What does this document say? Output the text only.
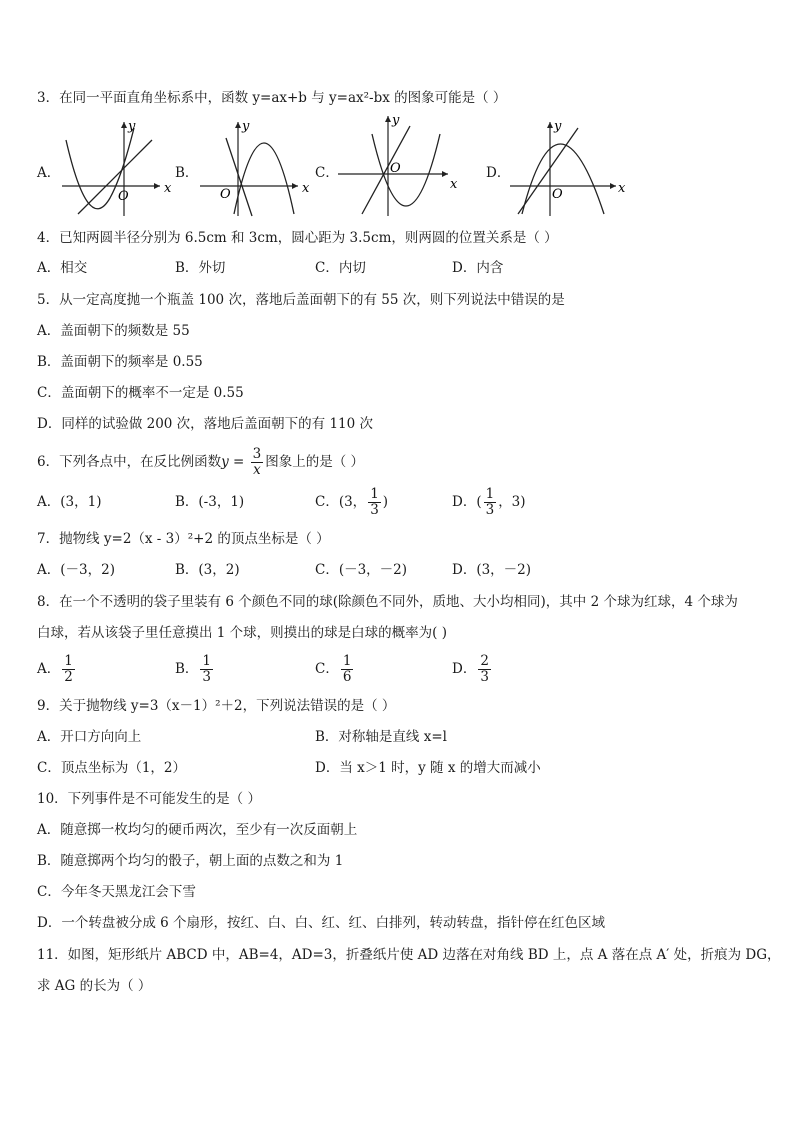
3．在同一平面直角坐标系中，函数 y=ax+b 与 y=ax²-bx 的图象可能是（ ）
A．
x
y
O
B．
x
y
O
C．
x
y
O	D．
x
y
O
4．已知两圆半径分别为 6.5cm 和 3cm，圆心距为 3.5cm，则两圆的位置关系是（ ）
A．相交	B．外切	C．内切	D．内含
5．从一定高度抛一个瓶盖 100 次，落地后盖面朝下的有 55 次，则下列说法中错误的是
A．盖面朝下的频数是 55
B．盖面朝下的频率是 0.55
C．盖面朝下的概率不一定是 0.55
D．同样的试验做 200 次，落地后盖面朝下的有 110 次
6．下列各点中，在反比例函数$y = \frac{3}{x}$ 图象上的是（ ）
A．(3，1)	B．(-3，1)	C．(3， $\frac{1}{3}$ )	D．( $\frac{1}{3}$ ，3)
7．抛物线 y=2（x - 3）²+2 的顶点坐标是（ ）
A．(－3，2)	B．(3，2)	C．(－3，－2)	D．(3，－2)
8．在一个不透明的袋子里装有 6 个颜色不同的球(除颜色不同外，质地、大小均相同)，其中 2 个球为红球，4 个球为
白球，若从该袋子里任意摸出 1 个球，则摸出的球是白球的概率为( )
A． $\frac{1}{2}$	B． $\frac{1}{3}$	C． $\frac{1}{6}$	D． $\frac{2}{3}$
9．关于抛物线 y=3（x－1）²＋2，下列说法错误的是（ ）
A．开口方向向上	B．对称轴是直线 x=l
C．顶点坐标为（1，2）	D．当 x＞1 时，y 随 x 的增大而减小
10．下列事件是不可能发生的是（ ）
A．随意掷一枚均匀的硬币两次，至少有一次反面朝上
B．随意掷两个均匀的骰子，朝上面的点数之和为 1
C．今年冬天黑龙江会下雪
D．一个转盘被分成 6 个扇形，按红、白、白、红、红、白排列，转动转盘，指针停在红色区域
11．如图，矩形纸片 ABCD 中，AB=4，AD=3，折叠纸片使 AD 边落在对角线 BD 上，点 A 落在点 A′ 处，折痕为 DG，
求 AG 的长为（ ）
